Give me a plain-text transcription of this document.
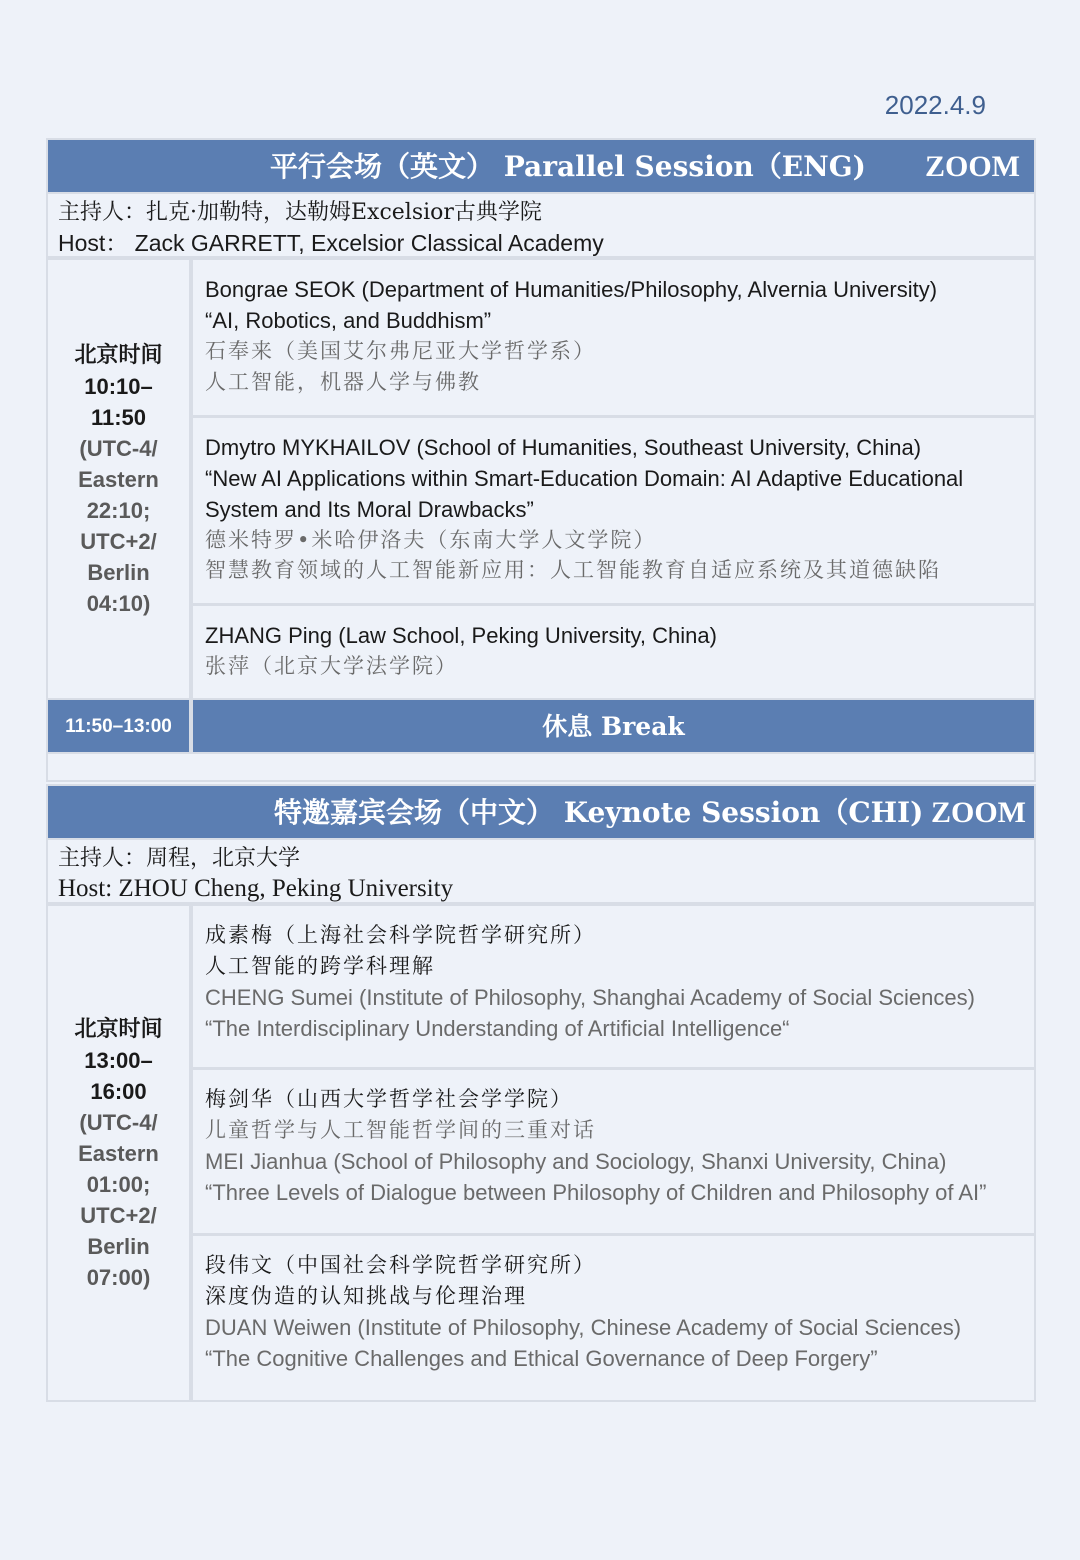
2022.4.9
平行会场（英文） Parallel Session（ENG) ZOOM
主持人：扎克·加勒特，达勒姆Excelsior古典学院
Host： Zack GARRETT, Excelsior Classical Academy
北京时间
10:10–
11:50
(UTC-4/
Eastern
22:10;
UTC+2/
Berlin
04:10)
Bongrae SEOK (Department of Humanities/Philosophy, Alvernia University)
“AI, Robotics, and Buddhism”
石奉来（美国艾尔弗尼亚大学哲学系）
人工智能，机器人学与佛教
Dmytro MYKHAILOV (School of Humanities, Southeast University, China)
“New AI Applications within Smart-Education Domain: AI Adaptive Educational System and Its Moral Drawbacks”
德米特罗•米哈伊洛夫（东南大学人文学院）
智慧教育领域的人工智能新应用：人工智能教育自适应系统及其道德缺陷
ZHANG Ping (Law School, Peking University, China)
张萍（北京大学法学院）
11:50–13:00	休息 Break
特邀嘉宾会场（中文） Keynote Session（CHI) ZOOM
主持人：周程，北京大学
Host: ZHOU Cheng, Peking University
北京时间
13:00–
16:00
(UTC-4/
Eastern
01:00;
UTC+2/
Berlin
07:00)
成素梅（上海社会科学院哲学研究所）
人工智能的跨学科理解
CHENG Sumei (Institute of Philosophy, Shanghai Academy of Social Sciences)
“The Interdisciplinary Understanding of Artificial Intelligence“
梅剑华（山西大学哲学社会学学院）
儿童哲学与人工智能哲学间的三重对话
MEI Jianhua (School of Philosophy and Sociology, Shanxi University, China)
“Three Levels of Dialogue between Philosophy of Children and Philosophy of AI”
段伟文（中国社会科学院哲学研究所）
深度伪造的认知挑战与伦理治理
DUAN Weiwen (Institute of Philosophy, Chinese Academy of Social Sciences)
“The Cognitive Challenges and Ethical Governance of Deep Forgery”
